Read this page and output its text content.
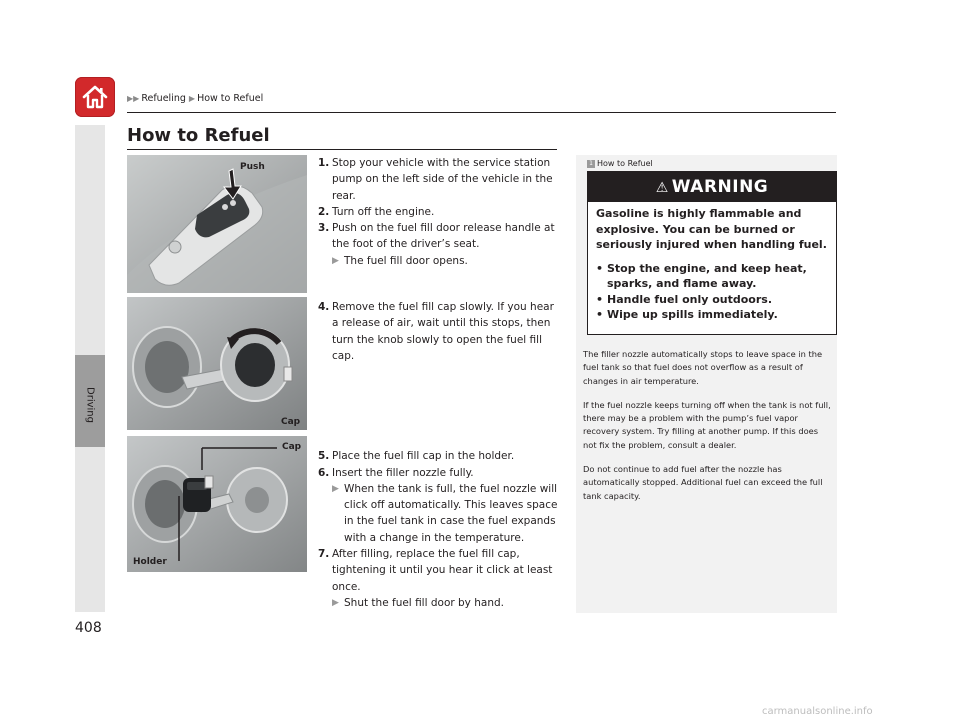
▶▶ Refueling ▶ How to Refuel
Driving
408
How to Refuel
Push
Cap
Cap
Holder
1. Stop your vehicle with the service station pump on the left side of the vehicle in the rear.
2. Turn off the engine.
3. Push on the fuel fill door release handle at the foot of the driver’s seat.
▶ The fuel fill door opens.
4. Remove the fuel fill cap slowly. If you hear a release of air, wait until this stops, then turn the knob slowly to open the fuel fill cap.
5. Place the fuel fill cap in the holder.
6. Insert the filler nozzle fully.
▶ When the tank is full, the fuel nozzle will click off automatically. This leaves space in the fuel tank in case the fuel expands with a change in the temperature.
7. After filling, replace the fuel fill cap, tightening it until you hear it click at least once.
▶ Shut the fuel fill door by hand.
1 How to Refuel
⚠ WARNING
Gasoline is highly flammable and explosive. You can be burned or seriously injured when handling fuel.
• Stop the engine, and keep heat, sparks, and flame away.
• Handle fuel only outdoors.
• Wipe up spills immediately.

The filler nozzle automatically stops to leave space in the fuel tank so that fuel does not overflow as a result of changes in air temperature.

If the fuel nozzle keeps turning off when the tank is not full, there may be a problem with the pump’s fuel vapor recovery system. Try filling at another pump. If this does not fix the problem, consult a dealer.

Do not continue to add fuel after the nozzle has automatically stopped. Additional fuel can exceed the full tank capacity.

carmanualsonline.info
